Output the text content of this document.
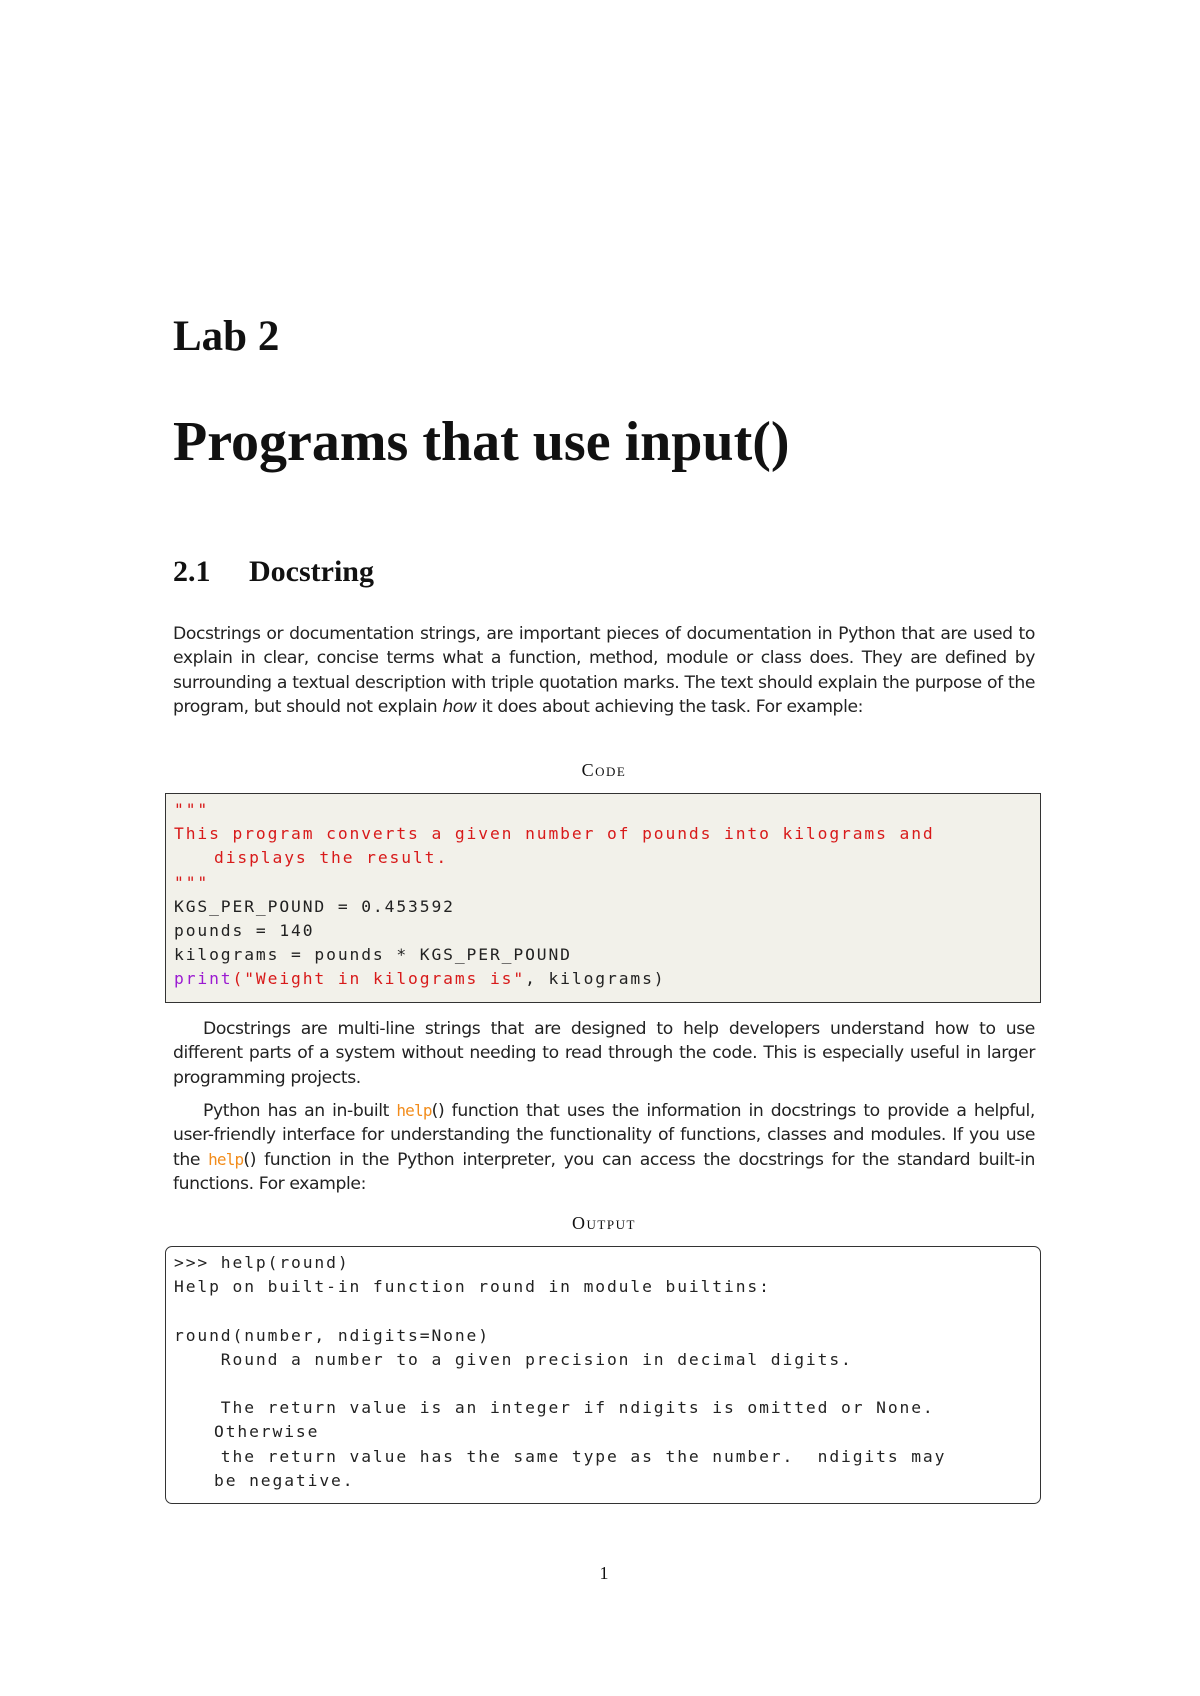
Lab 2
Programs that use input()
2.1 Docstring

Docstrings or documentation strings, are important pieces of documentation in Python that are used to explain in clear, concise terms what a function, method, module or class does. They are defined by surrounding a textual description with triple quotation marks. The text should explain the purpose of the program, but should not explain how it does about achieving the task. For example:

Code

"""
This program converts a given number of pounds into kilograms and
displays the result.
"""
KGS_PER_POUND = 0.453592
pounds = 140
kilograms = pounds * KGS_PER_POUND
print("Weight in kilograms is", kilograms)

Docstrings are multi-line strings that are designed to help developers understand how to use different parts of a system without needing to read through the code. This is especially useful in larger programming projects.

Python has an in-built help() function that uses the information in docstrings to provide a helpful, user-friendly interface for understanding the functionality of functions, classes and modules. If you use the help() function in the Python interpreter, you can access the docstrings for the standard built-in functions. For example:

Output

>>> help(round)
Help on built-in function round in module builtins:
round(number, ndigits=None)
Round a number to a given precision in decimal digits.
The return value is an integer if ndigits is omitted or None.
Otherwise
the return value has the same type as the number.  ndigits may
be negative.

1
